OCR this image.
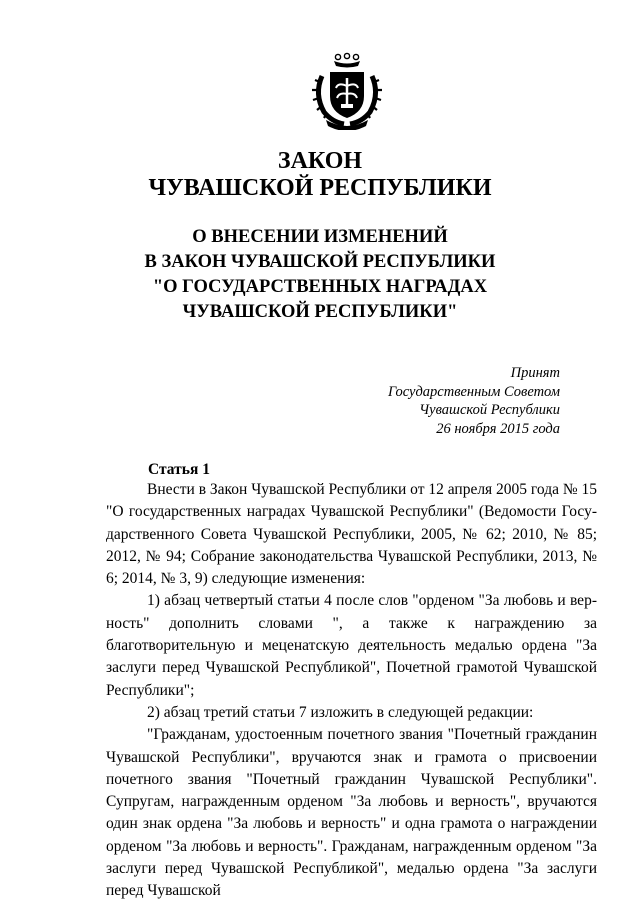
ЗАКОН
ЧУВАШСКОЙ РЕСПУБЛИКИ
О ВНЕСЕНИИ ИЗМЕНЕНИЙ
В ЗАКОН ЧУВАШСКОЙ РЕСПУБЛИКИ
"О ГОСУДАРСТВЕННЫХ НАГРАДАХ
ЧУВАШСКОЙ РЕСПУБЛИКИ"
Принят
Государственным Советом
Чувашской Республики
26 ноября 2015 года
Статья 1

Внести в Закон Чувашской Республики от 12 апреля 2005 года № 15 "О государственных наградах Чувашской Республики" (Ведомости Государственного Совета Чувашской Республики, 2005, № 62; 2010, № 85; 2012, № 94; Собрание законодательства Чувашской Республики, 2013, № 6; 2014, № 3, 9) следующие изменения:

1) абзац четвертый статьи 4 после слов "орденом "За любовь и верность" дополнить словами ", а также к награждению за благотворительную и меценатскую деятельность медалью ордена "За заслуги перед Чувашской Республикой", Почетной грамотой Чувашской Республики";

2) абзац третий статьи 7 изложить в следующей редакции:

"Гражданам, удостоенным почетного звания "Почетный гражданин Чувашской Республики", вручаются знак и грамота о присвоении почетного звания "Почетный гражданин Чувашской Республики". Супругам, награжденным орденом "За любовь и верность", вручаются один знак ордена "За любовь и верность" и одна грамота о награждении орденом "За любовь и верность". Гражданам, награжденным орденом "За заслуги перед Чувашской Республикой", медалью ордена "За заслуги перед Чувашской
